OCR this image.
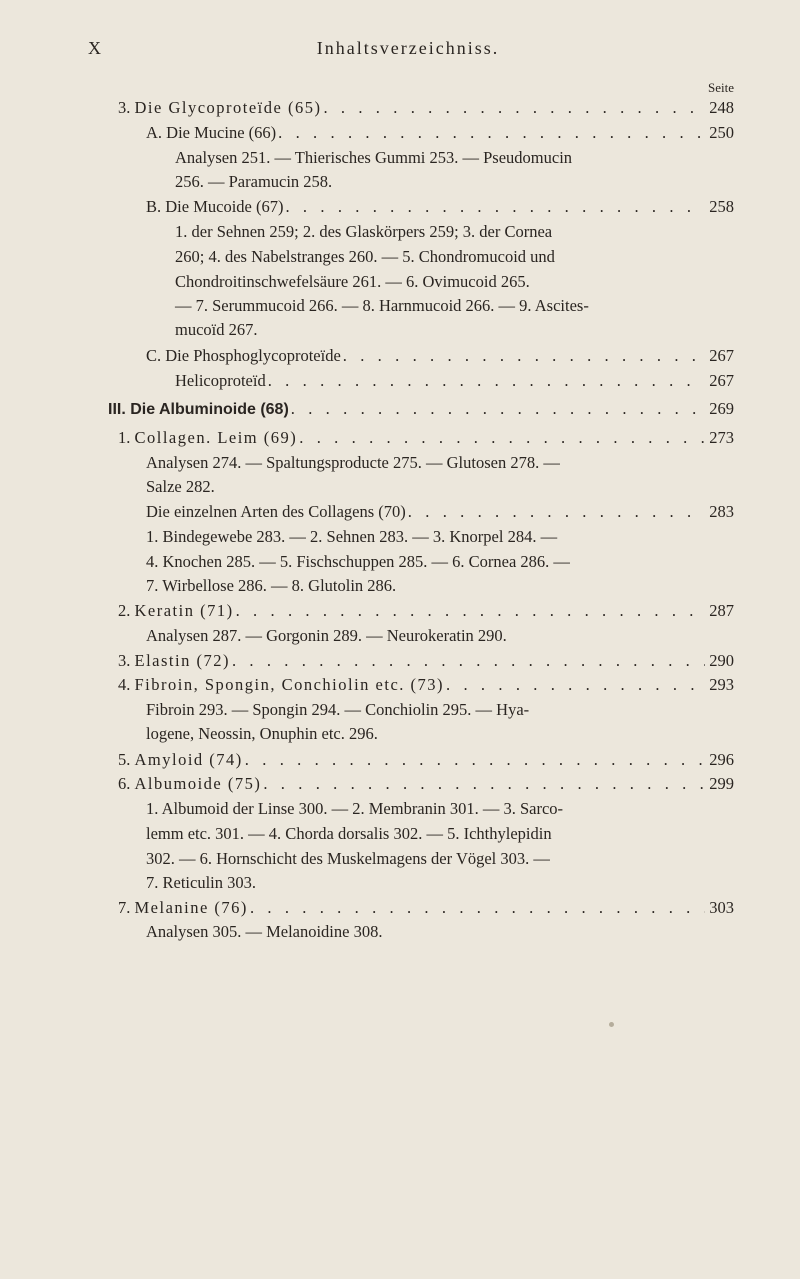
X	Inhaltsverzeichniss.
Seite
3. Die Glycoproteïde (65) . . .	248
A. Die Mucine (66) . . .	250
Analysen 251. — Thierisches Gummi 253. — Pseudomucin
256. — Paramucin 258.
B. Die Mucoide (67) . . .	258
1. der Sehnen 259; 2. des Glaskörpers 259; 3. der Cornea
260; 4. des Nabelstranges 260. — 5. Chondromucoid und
Chondroitinschwefelsäure 261. — 6. Ovimucoid 265.
— 7. Serummucoid 266. — 8. Harnmucoid 266. — 9. Ascites-
mucoïd 267.
C. Die Phosphoglycoproteïde . . .	267
Helicoproteïd . . .	267
III. Die Albuminoide (68) . . .	269
1. Collagen. Leim (69) . . .	273
Analysen 274. — Spaltungsproducte 275. — Glutosen 278. —
Salze 282.
Die einzelnen Arten des Collagens (70) . . .	283
1. Bindegewebe 283. — 2. Sehnen 283. — 3. Knorpel 284. —
4. Knochen 285. — 5. Fischschuppen 285. — 6. Cornea 286. —
7. Wirbellose 286. — 8. Glutolin 286.
2. Keratin (71) . . .	287
Analysen 287. — Gorgonin 289. — Neurokeratin 290.
3. Elastin (72) . . .	290
4. Fibroin, Spongin, Conchiolin etc. (73) . . .	293
Fibroin 293. — Spongin 294. — Conchiolin 295. — Hya-
logene, Neossin, Onuphin etc. 296.
5. Amyloid (74) . . .	296
6. Albumoide (75) . . .	299
1. Albumoid der Linse 300. — 2. Membranin 301. — 3. Sarco-
lemm etc. 301. — 4. Chorda dorsalis 302. — 5. Ichthylepidin
302. — 6. Hornschicht des Muskelmagens der Vögel 303. —
7. Reticulin 303.
7. Melanine (76) . . .	303
Analysen 305. — Melanoidine 308.
